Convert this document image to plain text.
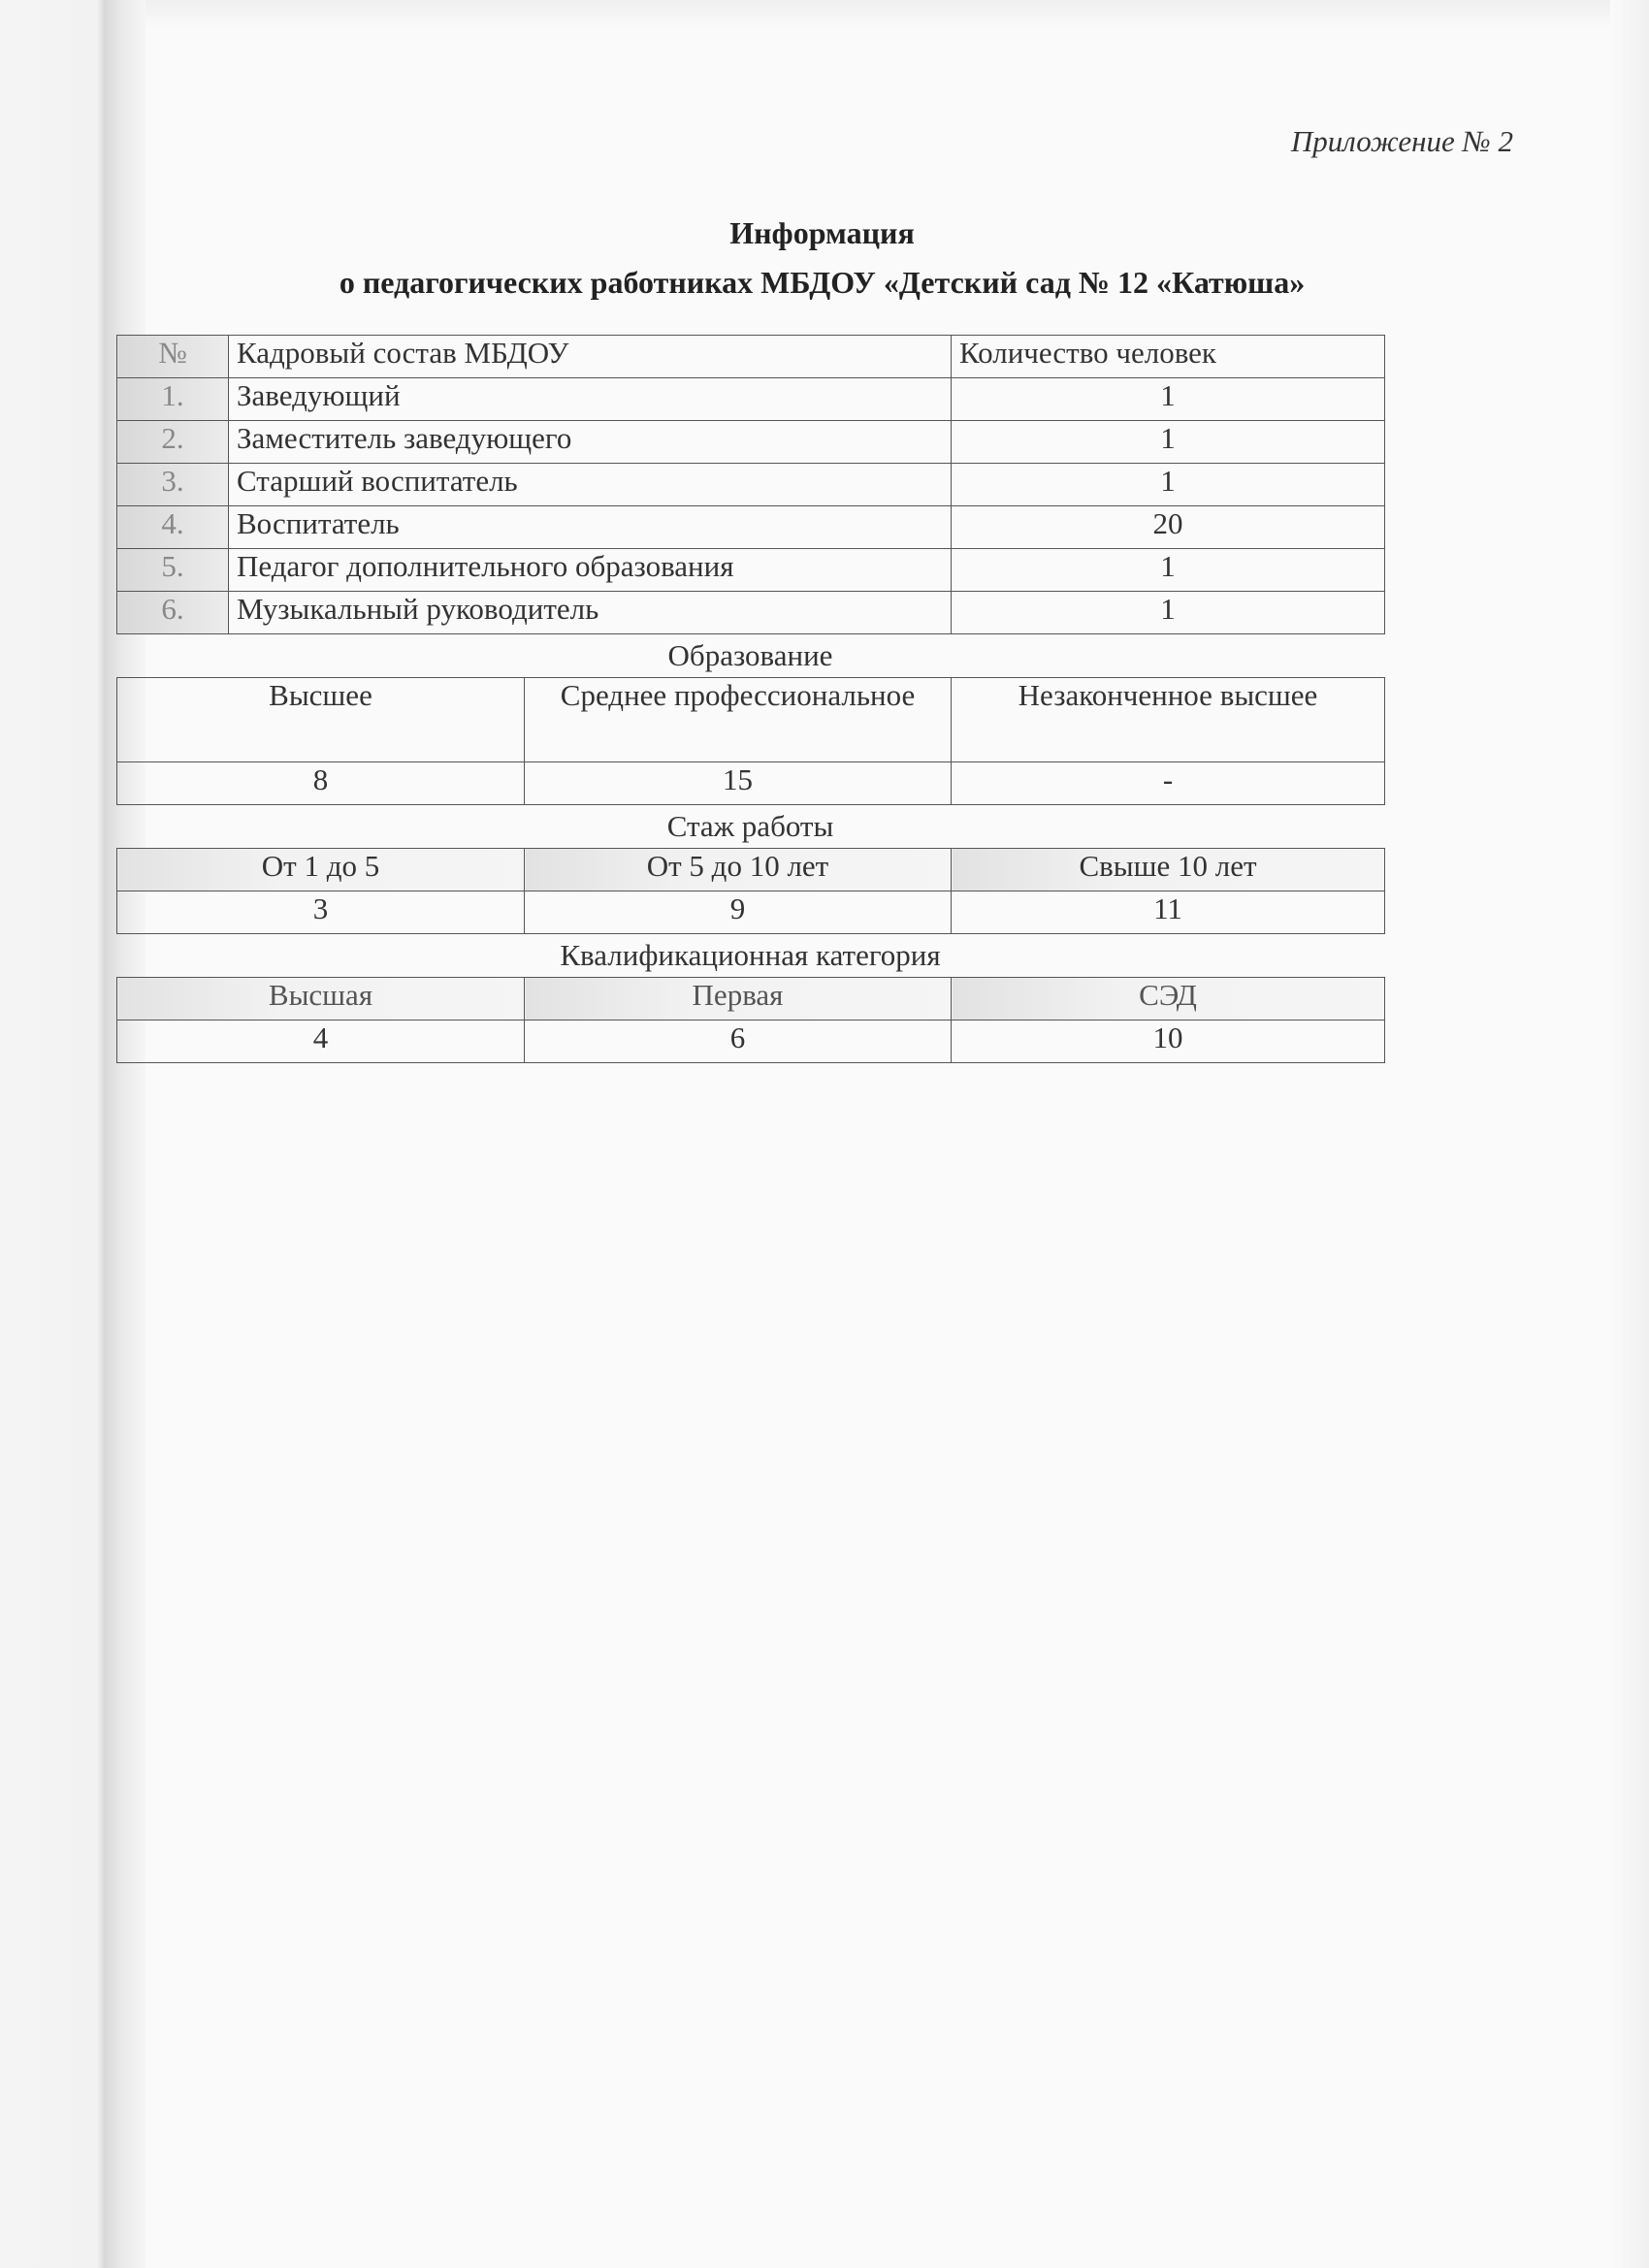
Приложение № 2
Информация
о педагогических работниках МБДОУ «Детский сад № 12 «Катюша»
№	Кадровый состав МБДОУ	Количество человек
1.	Заведующий	1
2.	Заместитель заведующего	1
3.	Старший воспитатель	1
4.	Воспитатель	20
5.	Педагог дополнительного образования	1
6.	Музыкальный руководитель	1
Образование
Высшее	Среднее профессиональное	Незаконченное высшее
8	15	-
Стаж работы
От 1 до 5	От 5 до 10 лет	Свыше 10 лет
3	9	11
Квалификационная категория
Высшая	Первая	СЭД
4	6	10
